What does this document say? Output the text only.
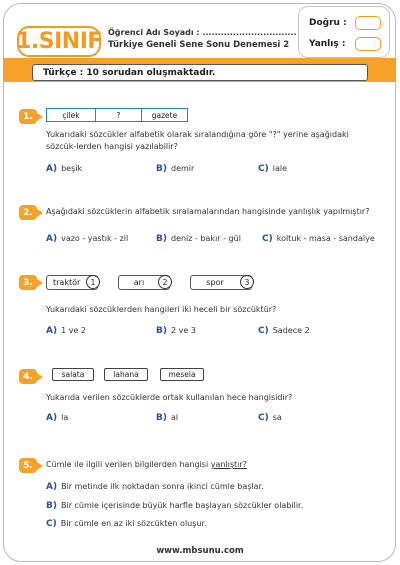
1.SINIF Öğrenci Adı Soyadı : ...............................
Türkiye Geneli Sene Sonu Denemesi 2
Doğru :
Yanlış :
Türkçe : 10 sorudan oluşmaktadır.
1.	çilek	?	gazete
Yukarıdaki sözcükler alfabetik olarak sıralandığına göre "?" yerine aşağıdaki sözcük-lerden hangisi yazılabilir?
A) beşik	B) demir	C) lale
2.	Aşağıdaki sözcüklerin alfabetik sıralamalarından hangisinde yanlışlık yapılmıştır?
A) vazo - yastık - zil	B) deniz - bakır - gül C) koltuk - masa - sandalye
3.	traktör	1	arı	2	spor	3
Yukarıdaki sözcüklerden hangileri iki heceli bir sözcüktür?
A) 1 ve 2	B) 2 ve 3	C) Sadece 2
4.	salata	lahana	mesela
Yukarıda verilen sözcüklerde ortak kullanılan hece hangisidir?
A) la	B) al	C) sa
5.	Cümle ile ilgili verilen bilgilerden hangisi yanlıştır?
A) Bir metinde ilk noktadan sonra ikinci cümle başlar.
B) Bir cümle içerisinde büyük harfle başlayan sözcükler olabilir.
C) Bir cümle en az iki sözcükten oluşur.
www.mbsunu.com
